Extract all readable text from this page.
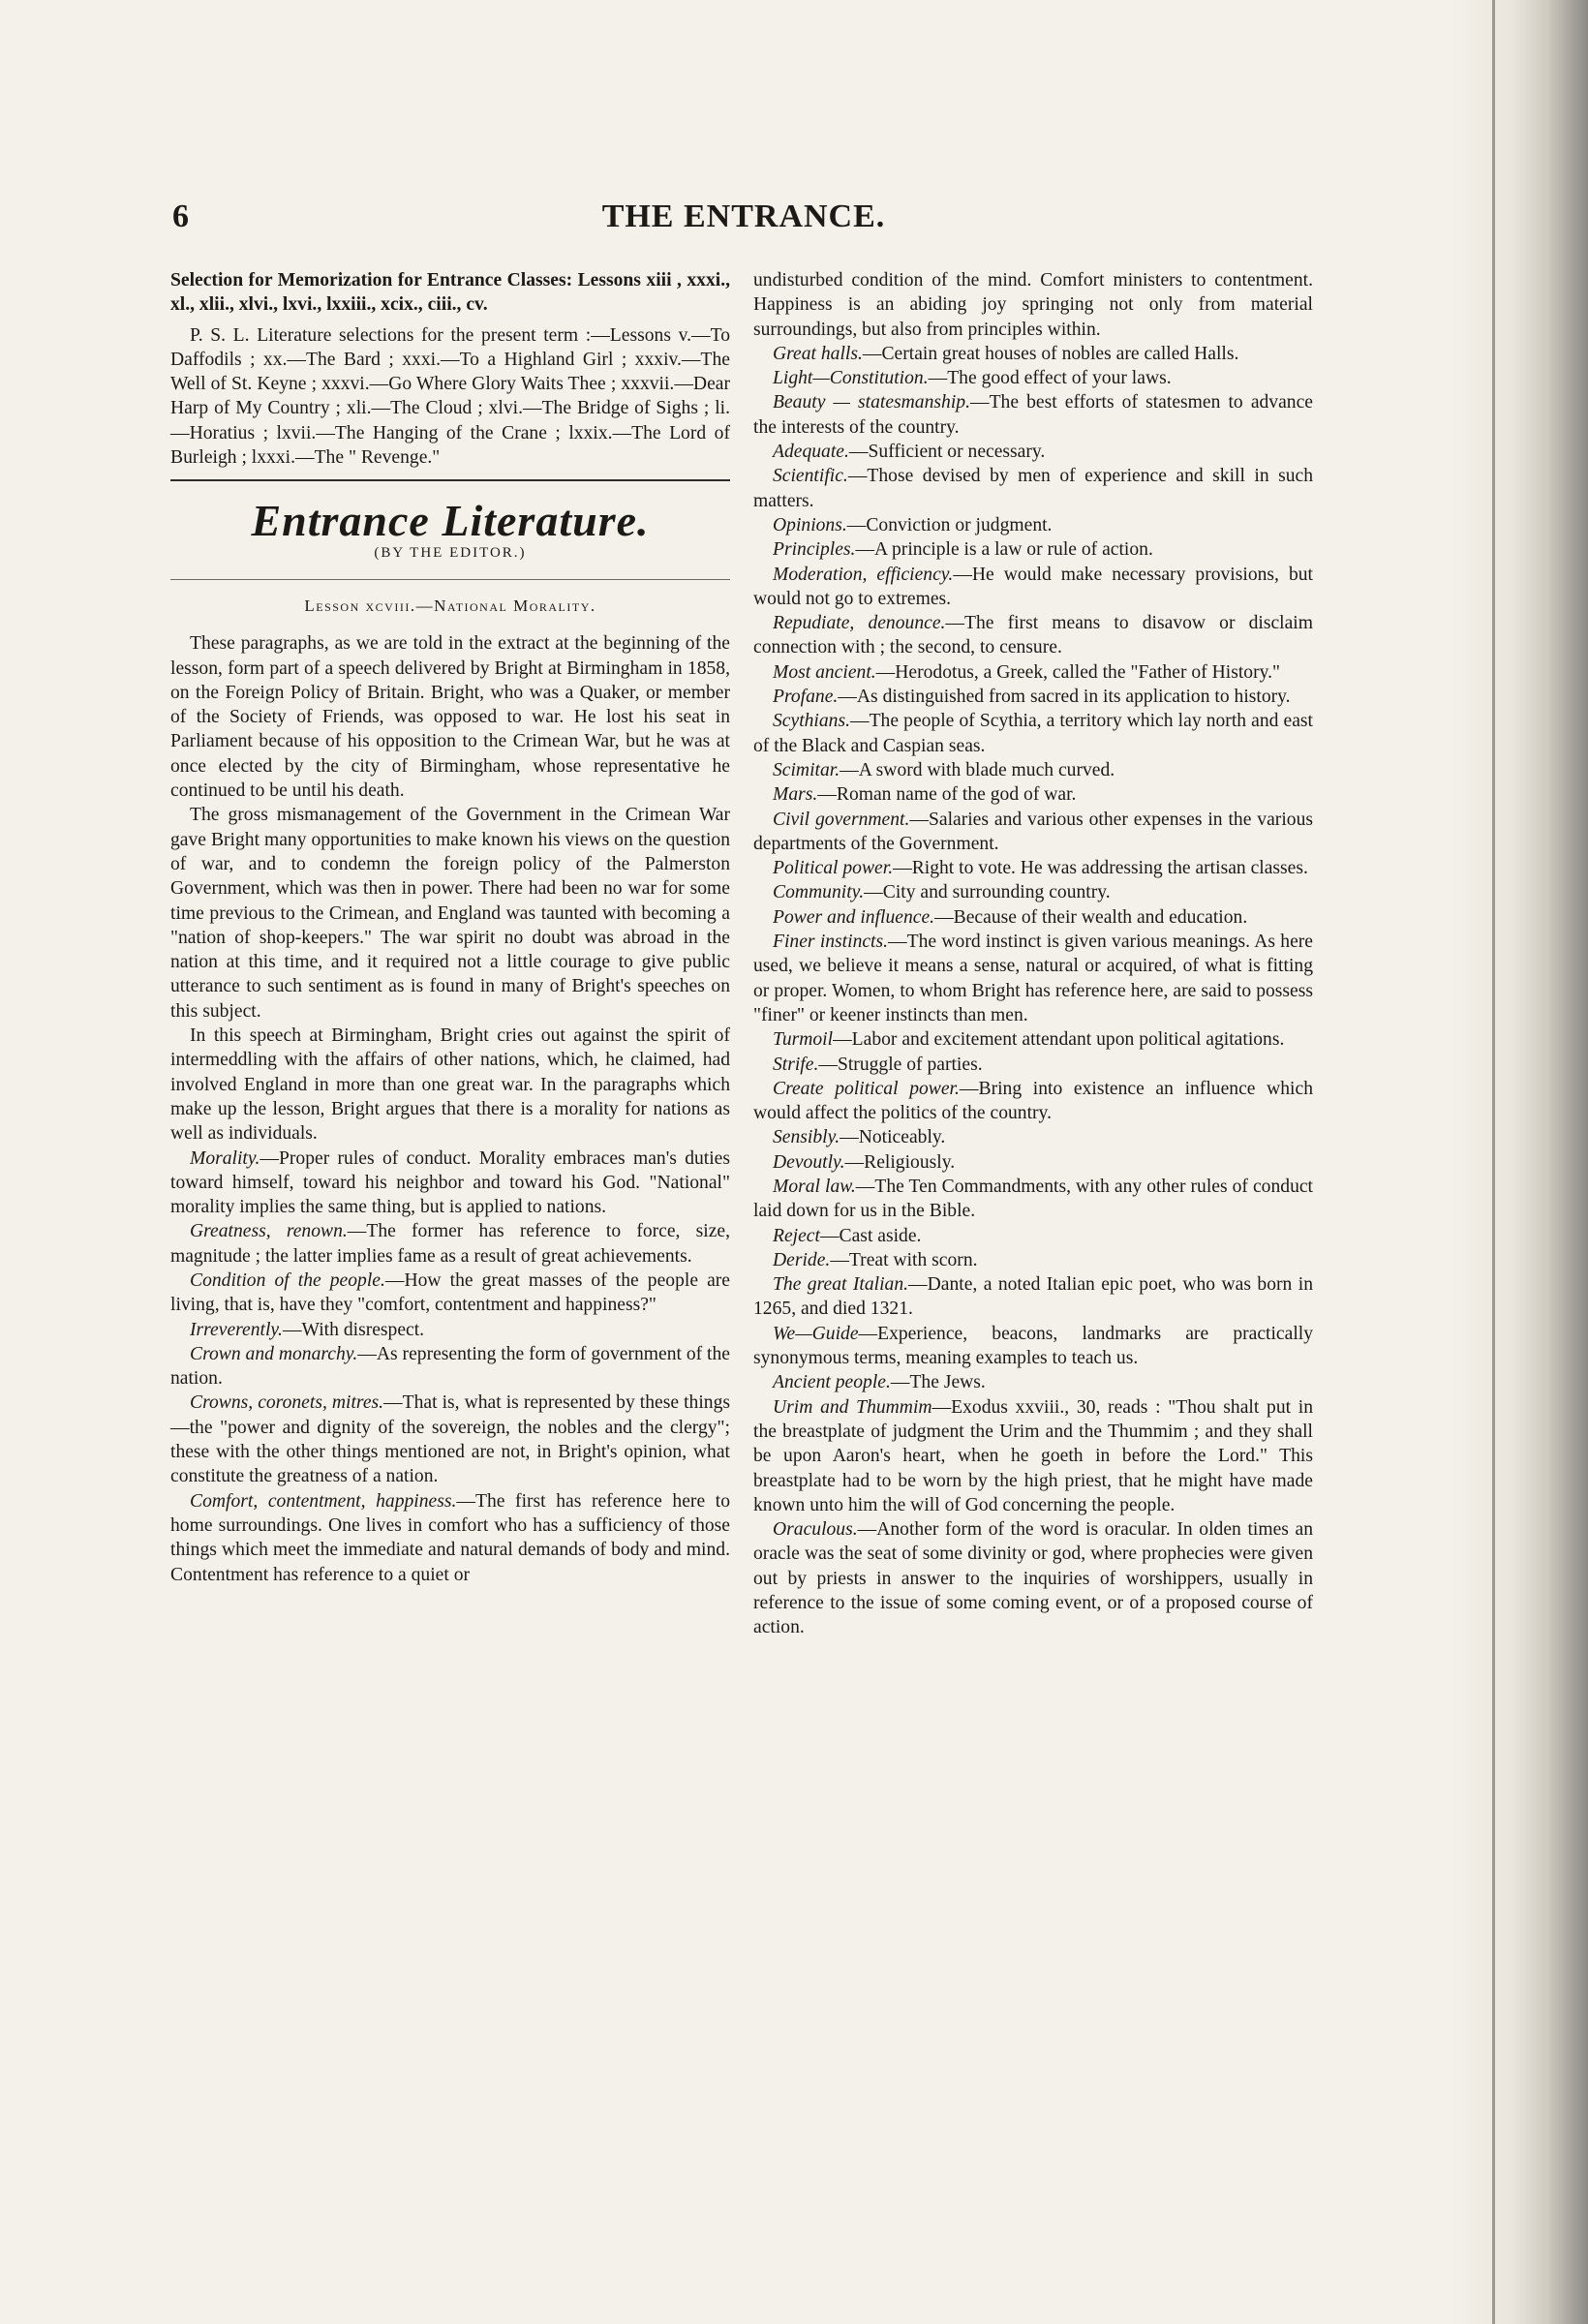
6	THE ENTRANCE.

Selection for Memorization for Entrance Classes: Lessons xiii , xxxi., xl., xlii., xlvi., lxvi., lxxiii., xcix., ciii., cv.

P. S. L. Literature selections for the present term :—Lessons v.—To Daffodils ; xx.—The Bard ; xxxi.—To a Highland Girl ; xxxiv.—The Well of St. Keyne ; xxxvi.—Go Where Glory Waits Thee ; xxxvii.—Dear Harp of My Country ; xli.—The Cloud ; xlvi.—The Bridge of Sighs ; li.—Horatius ; lxvii.—The Hanging of the Crane ; lxxix.—The Lord of Burleigh ; lxxxi.—The " Revenge."

Entrance Literature.
(BY THE EDITOR.)
Lesson xcviii.—National Morality.

These paragraphs, as we are told in the extract at the beginning of the lesson, form part of a speech delivered by Bright at Birmingham in 1858, on the Foreign Policy of Britain. Bright, who was a Quaker, or member of the Society of Friends, was opposed to war. He lost his seat in Parliament because of his opposition to the Crimean War, but he was at once elected by the city of Birmingham, whose representative he continued to be until his death.

The gross mismanagement of the Government in the Crimean War gave Bright many opportunities to make known his views on the question of war, and to condemn the foreign policy of the Palmerston Government, which was then in power. There had been no war for some time previous to the Crimean, and England was taunted with becoming a "nation of shop-keepers." The war spirit no doubt was abroad in the nation at this time, and it required not a little courage to give public utterance to such sentiment as is found in many of Bright's speeches on this subject.

In this speech at Birmingham, Bright cries out against the spirit of intermeddling with the affairs of other nations, which, he claimed, had involved England in more than one great war. In the paragraphs which make up the lesson, Bright argues that there is a morality for nations as well as individuals.

Morality.—Proper rules of conduct. Morality embraces man's duties toward himself, toward his neighbor and toward his God. "National" morality implies the same thing, but is applied to nations.

Greatness, renown.—The former has reference to force, size, magnitude ; the latter implies fame as a result of great achievements.

Condition of the people.—How the great masses of the people are living, that is, have they "comfort, contentment and happiness?"

Irreverently.—With disrespect.

Crown and monarchy.—As representing the form of government of the nation.

Crowns, coronets, mitres.—That is, what is represented by these things—the "power and dignity of the sovereign, the nobles and the clergy"; these with the other things mentioned are not, in Bright's opinion, what constitute the greatness of a nation.

Comfort, contentment, happiness.—The first has reference here to home surroundings. One lives in comfort who has a sufficiency of those things which meet the immediate and natural demands of body and mind. Contentment has reference to a quiet or

undisturbed condition of the mind. Comfort ministers to contentment. Happiness is an abiding joy springing not only from material surroundings, but also from principles within.

Great halls.—Certain great houses of nobles are called Halls.

Light—Constitution.—The good effect of your laws.

Beauty — statesmanship.—The best efforts of statesmen to advance the interests of the country.

Adequate.—Sufficient or necessary.

Scientific.—Those devised by men of experience and skill in such matters.

Opinions.—Conviction or judgment.

Principles.—A principle is a law or rule of action.

Moderation, efficiency.—He would make necessary provisions, but would not go to extremes.

Repudiate, denounce.—The first means to disavow or disclaim connection with ; the second, to censure.

Most ancient.—Herodotus, a Greek, called the "Father of History."

Profane.—As distinguished from sacred in its application to history.

Scythians.—The people of Scythia, a territory which lay north and east of the Black and Caspian seas.

Scimitar.—A sword with blade much curved.

Mars.—Roman name of the god of war.

Civil government.—Salaries and various other expenses in the various departments of the Government.

Political power.—Right to vote. He was addressing the artisan classes.

Community.—City and surrounding country.

Power and influence.—Because of their wealth and education.

Finer instincts.—The word instinct is given various meanings. As here used, we believe it means a sense, natural or acquired, of what is fitting or proper. Women, to whom Bright has reference here, are said to possess "finer" or keener instincts than men.

Turmoil—Labor and excitement attendant upon political agitations.

Strife.—Struggle of parties.

Create political power.—Bring into existence an influence which would affect the politics of the country.

Sensibly.—Noticeably.

Devoutly.—Religiously.

Moral law.—The Ten Commandments, with any other rules of conduct laid down for us in the Bible.

Reject—Cast aside.

Deride.—Treat with scorn.

The great Italian.—Dante, a noted Italian epic poet, who was born in 1265, and died 1321.

We—Guide—Experience, beacons, landmarks are practically synonymous terms, meaning examples to teach us.

Ancient people.—The Jews.

Urim and Thummim—Exodus xxviii., 30, reads : "Thou shalt put in the breastplate of judgment the Urim and the Thummim ; and they shall be upon Aaron's heart, when he goeth in before the Lord." This breastplate had to be worn by the high priest, that he might have made known unto him the will of God concerning the people.

Oraculous.—Another form of the word is oracular. In olden times an oracle was the seat of some divinity or god, where prophecies were given out by priests in answer to the inquiries of worshippers, usually in reference to the issue of some coming event, or of a proposed course of action.
